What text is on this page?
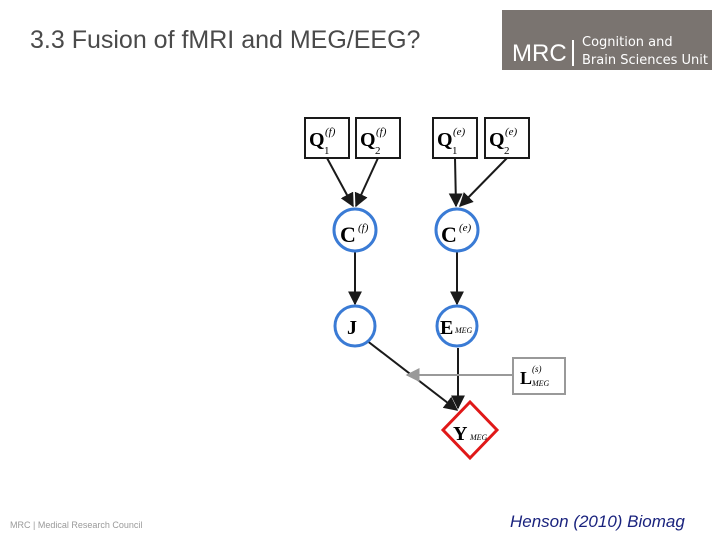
3.3 Fusion of fMRI and MEG/EEG?	MRC Cognition and
Brain Sciences Unit
Q 1
(f) Q 2
(f)	Q 1
(e) Q 2
(e)
C (f)	C (e)
J	E MEG
L (s)
MEG
Y MEG
MRC | Medical Research Council	Henson (2010) Biomag
